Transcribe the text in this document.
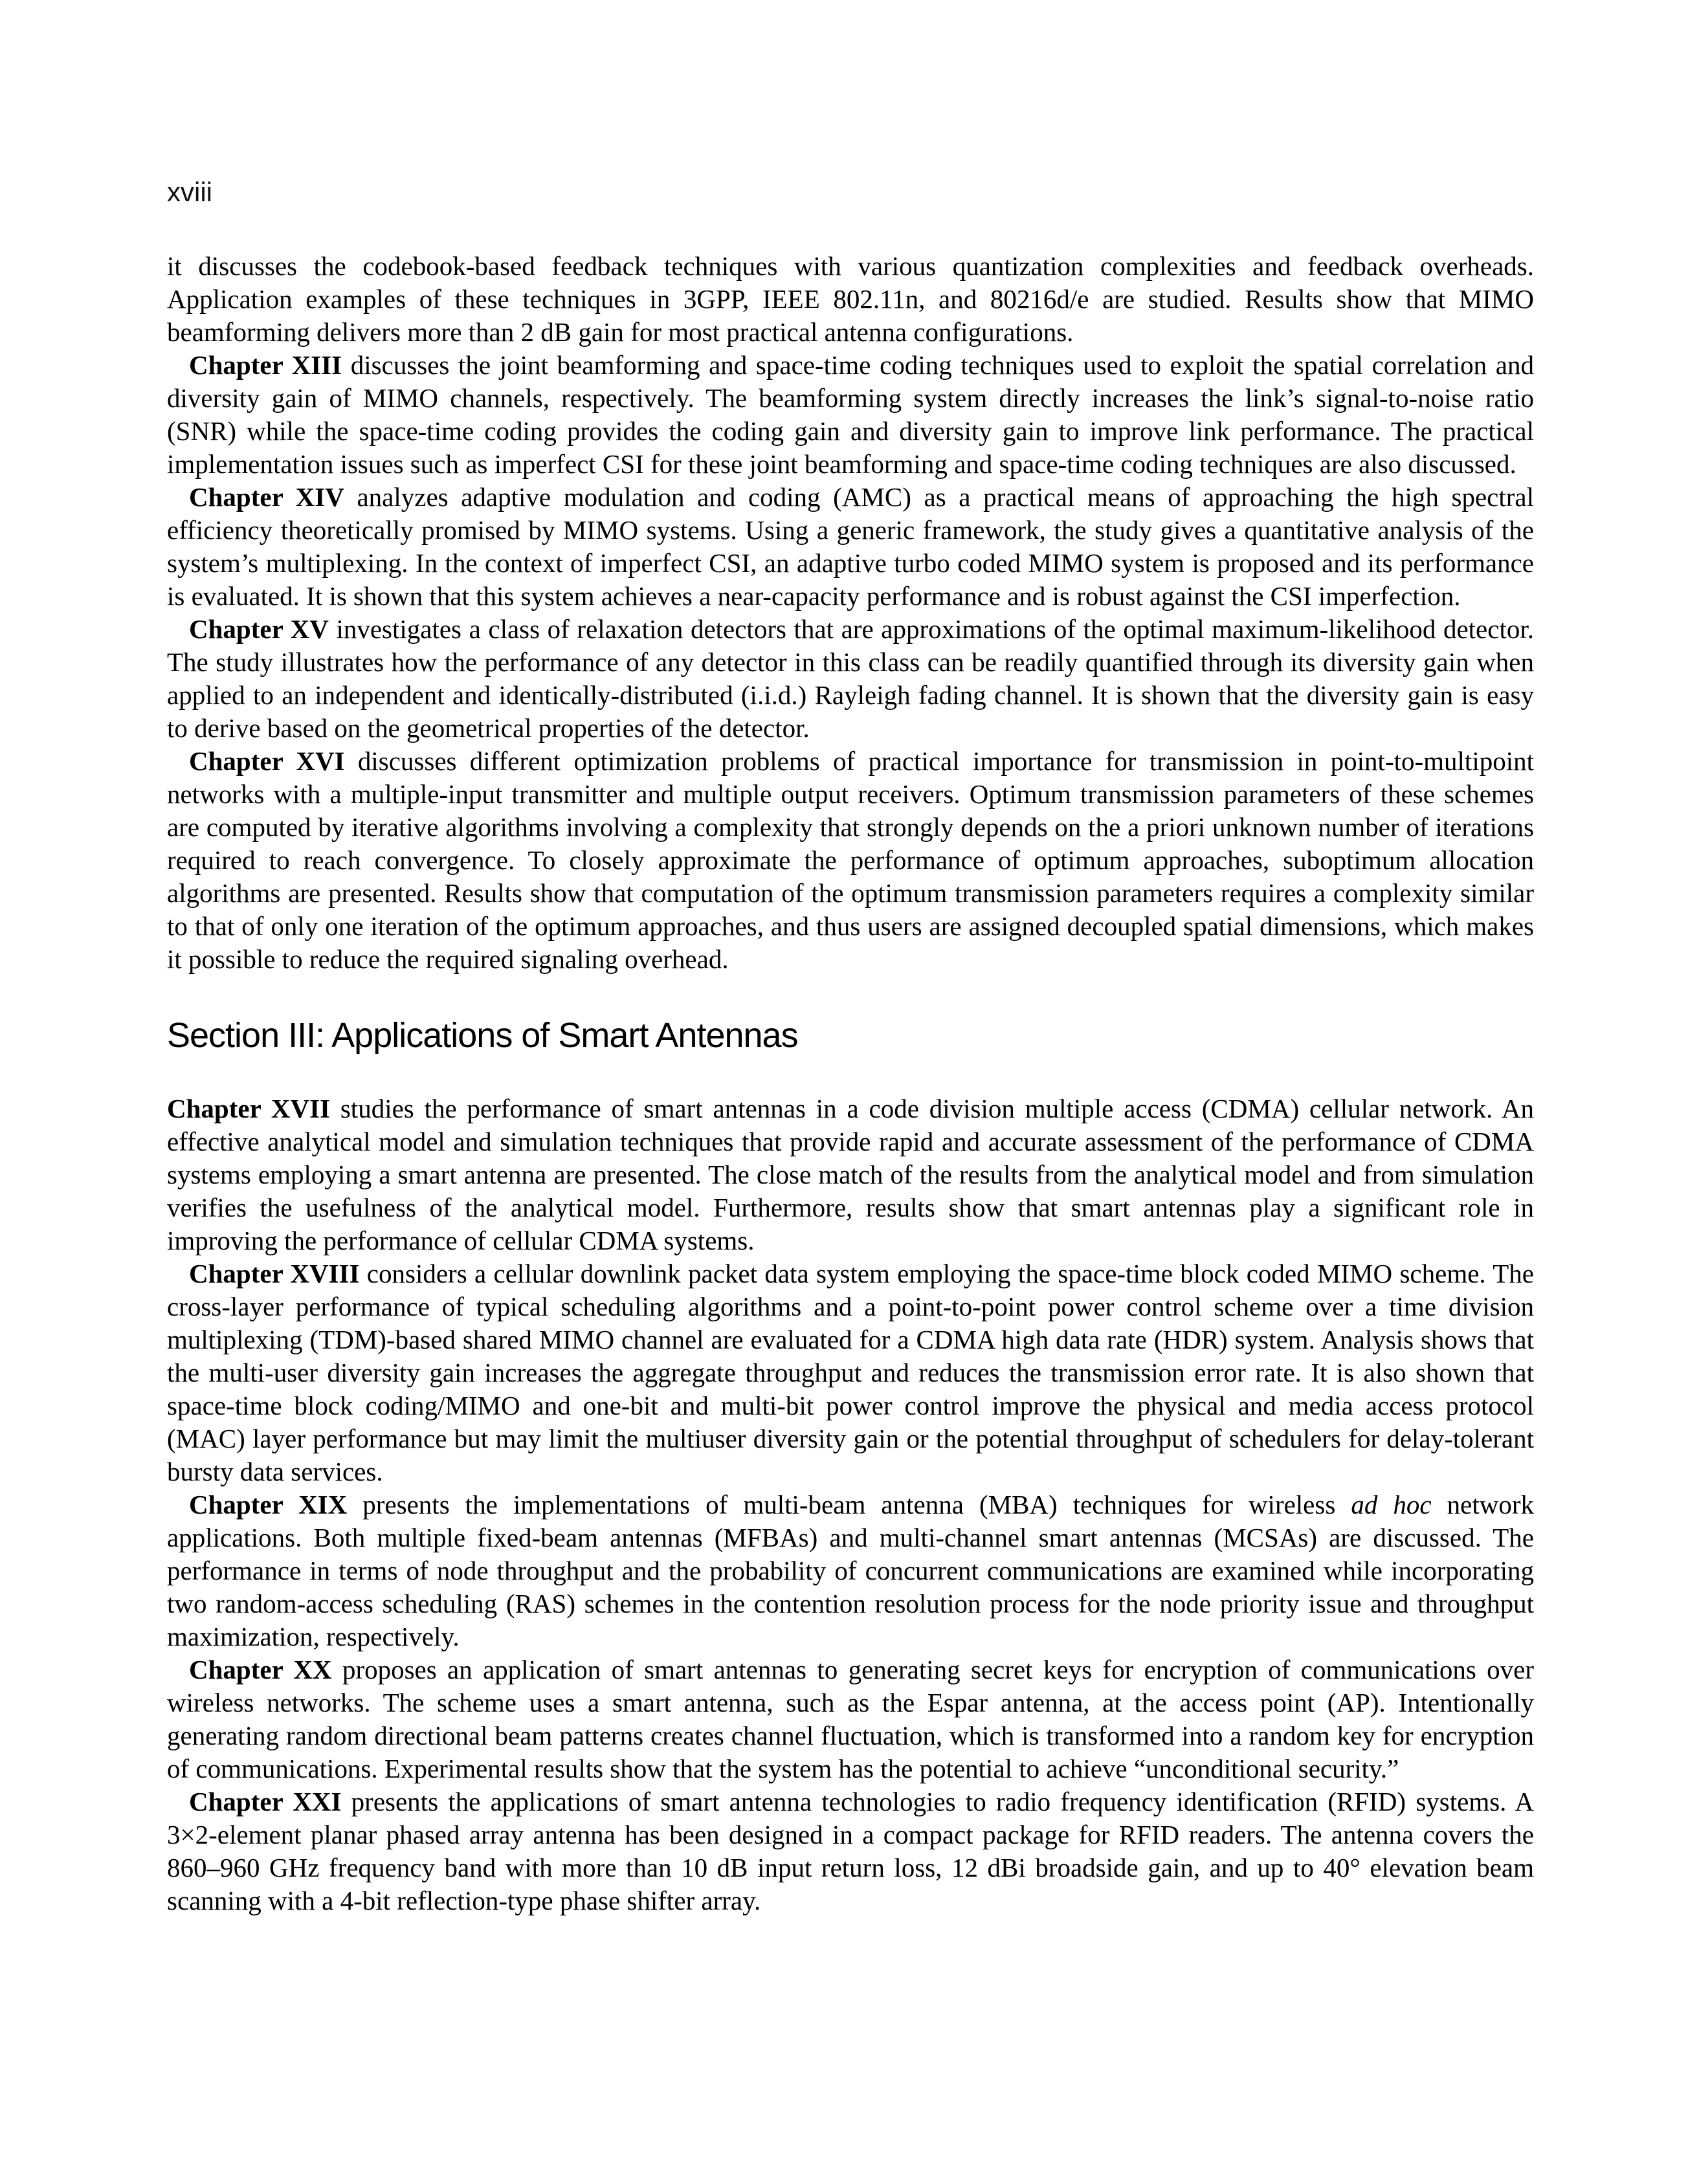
xviii

it discusses the codebook-based feedback techniques with various quantization complexities and feedback overheads. Application examples of these techniques in 3GPP, IEEE 802.11n, and 80216d/e are studied. Results show that MIMO beamforming delivers more than 2 dB gain for most practical antenna configurations.

Chapter XIII discusses the joint beamforming and space-time coding techniques used to exploit the spatial correlation and diversity gain of MIMO channels, respectively. The beamforming system directly increases the link’s signal-to-noise ratio (SNR) while the space-time coding provides the coding gain and diversity gain to improve link performance. The practical implementation issues such as imperfect CSI for these joint beamforming and space-time coding techniques are also discussed.

Chapter XIV analyzes adaptive modulation and coding (AMC) as a practical means of approaching the high spectral efficiency theoretically promised by MIMO systems. Using a generic framework, the study gives a quantitative analysis of the system’s multiplexing. In the context of imperfect CSI, an adaptive turbo coded MIMO system is proposed and its performance is evaluated. It is shown that this system achieves a near-capacity performance and is robust against the CSI imperfection.

Chapter XV investigates a class of relaxation detectors that are approximations of the optimal maximum-likelihood detector. The study illustrates how the performance of any detector in this class can be readily quantified through its diversity gain when applied to an independent and identically-distributed (i.i.d.) Rayleigh fading channel. It is shown that the diversity gain is easy to derive based on the geometrical properties of the detector.

Chapter XVI discusses different optimization problems of practical importance for transmission in point-to-multipoint networks with a multiple-input transmitter and multiple output receivers. Optimum transmission parameters of these schemes are computed by iterative algorithms involving a complexity that strongly depends on the a priori unknown number of iterations required to reach convergence. To closely approximate the performance of optimum approaches, suboptimum allocation algorithms are presented. Results show that computation of the optimum transmission parameters requires a complexity similar to that of only one iteration of the optimum approaches, and thus users are assigned decoupled spatial dimensions, which makes it possible to reduce the required signaling overhead.

Section III: Applications of Smart Antennas

Chapter XVII studies the performance of smart antennas in a code division multiple access (CDMA) cellular network. An effective analytical model and simulation techniques that provide rapid and accurate assessment of the performance of CDMA systems employing a smart antenna are presented. The close match of the results from the analytical model and from simulation verifies the usefulness of the analytical model. Furthermore, results show that smart antennas play a significant role in improving the performance of cellular CDMA systems.

Chapter XVIII considers a cellular downlink packet data system employing the space-time block coded MIMO scheme. The cross-layer performance of typical scheduling algorithms and a point-to-point power control scheme over a time division multiplexing (TDM)-based shared MIMO channel are evaluated for a CDMA high data rate (HDR) system. Analysis shows that the multi-user diversity gain increases the aggregate throughput and reduces the transmission error rate. It is also shown that space-time block coding/MIMO and one-bit and multi-bit power control improve the physical and media access protocol (MAC) layer performance but may limit the multiuser diversity gain or the potential throughput of schedulers for delay-tolerant bursty data services.

Chapter XIX presents the implementations of multi-beam antenna (MBA) techniques for wireless ad hoc network applications. Both multiple fixed-beam antennas (MFBAs) and multi-channel smart antennas (MCSAs) are discussed. The performance in terms of node throughput and the probability of concurrent communications are examined while incorporating two random-access scheduling (RAS) schemes in the contention resolution process for the node priority issue and throughput maximization, respectively.

Chapter XX proposes an application of smart antennas to generating secret keys for encryption of communications over wireless networks. The scheme uses a smart antenna, such as the Espar antenna, at the access point (AP). Intentionally generating random directional beam patterns creates channel fluctuation, which is transformed into a random key for encryption of communications. Experimental results show that the system has the potential to achieve “unconditional security.”

Chapter XXI presents the applications of smart antenna technologies to radio frequency identification (RFID) systems. A 3×2-element planar phased array antenna has been designed in a compact package for RFID readers. The antenna covers the 860–960 GHz frequency band with more than 10 dB input return loss, 12 dBi broadside gain, and up to 40° elevation beam scanning with a 4-bit reflection-type phase shifter array.
